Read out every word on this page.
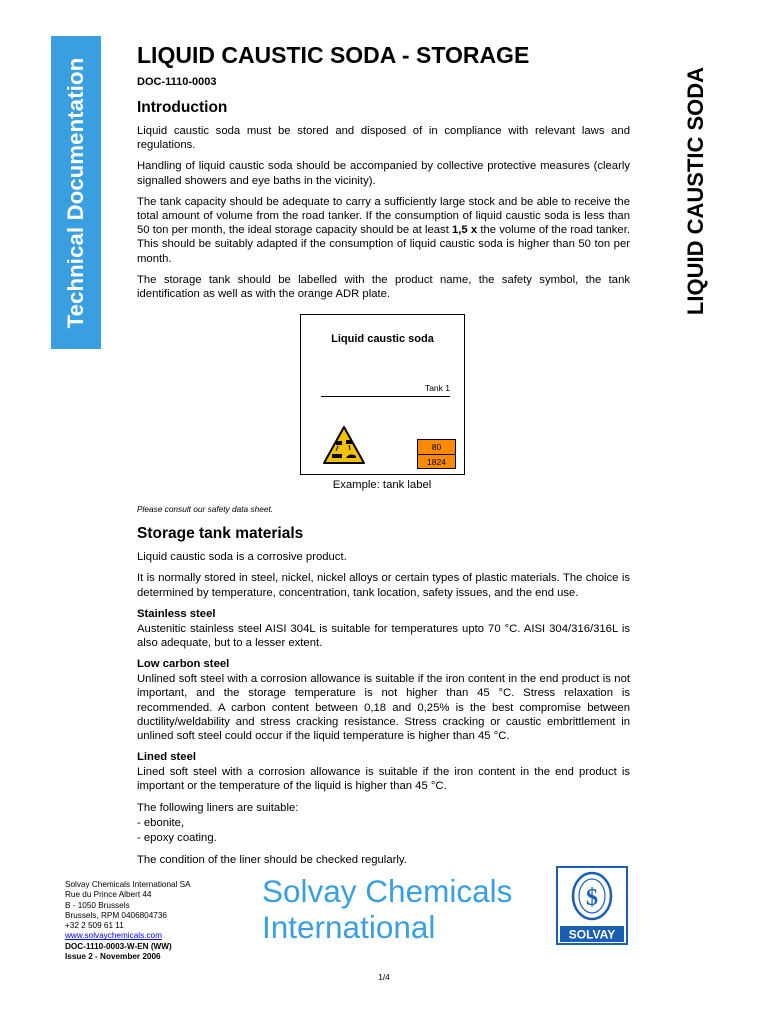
Technical Documentation	LIQUID CAUSTIC SODA
LIQUID CAUSTIC SODA - STORAGE
DOC-1110-0003
Introduction

Liquid caustic soda must be stored and disposed of in compliance with relevant laws and regulations.

Handling of liquid caustic soda should be accompanied by collective protective measures (clearly signalled showers and eye baths in the vicinity).

The tank capacity should be adequate to carry a sufficiently large stock and be able to receive the total amount of volume from the road tanker. If the consumption of liquid caustic soda is less than 50 ton per month, the ideal storage capacity should be at least 1,5 x the volume of the road tanker. This should be suitably adapted if the consumption of liquid caustic soda is higher than 50 ton per month.

The storage tank should be labelled with the product name, the safety symbol, the tank identification as well as with the orange ADR plate.

Liquid caustic soda
Tank 1
80
1824
Example: tank label

Please consult our safety data sheet.

Storage tank materials

Liquid caustic soda is a corrosive product.

It is normally stored in steel, nickel, nickel alloys or certain types of plastic materials. The choice is determined by temperature, concentration, tank location, safety issues, and the end use.

Stainless steel

Austenitic stainless steel AISI 304L is suitable for temperatures upto 70 °C. AISI 304/316/316L is also adequate, but to a lesser extent.

Low carbon steel

Unlined soft steel with a corrosion allowance is suitable if the iron content in the end product is not important, and the storage temperature is not higher than 45 °C. Stress relaxation is recommended. A carbon content between 0,18 and 0,25% is the best compromise between ductility/weldability and stress cracking resistance. Stress cracking or caustic embrittlement in unlined soft steel could occur if the liquid temperature is higher than 45 °C.

Lined steel

Lined soft steel with a corrosion allowance is suitable if the iron content in the end product is important or the temperature of the liquid is higher than 45 °C.

The following liners are suitable:
- ebonite,
- epoxy coating.
The condition of the liner should be checked regularly.
Solvay Chemicals International SA
Rue du Prince Albert 44
B - 1050 Brussels
Brussels, RPM 0406804736
+32 2 509 61 11
www.solvaychemicals.com
DOC-1110-0003-W-EN (WW)
Issue 2 - November 2006
Solvay Chemicals
International
$
SOLVAY
1/4
